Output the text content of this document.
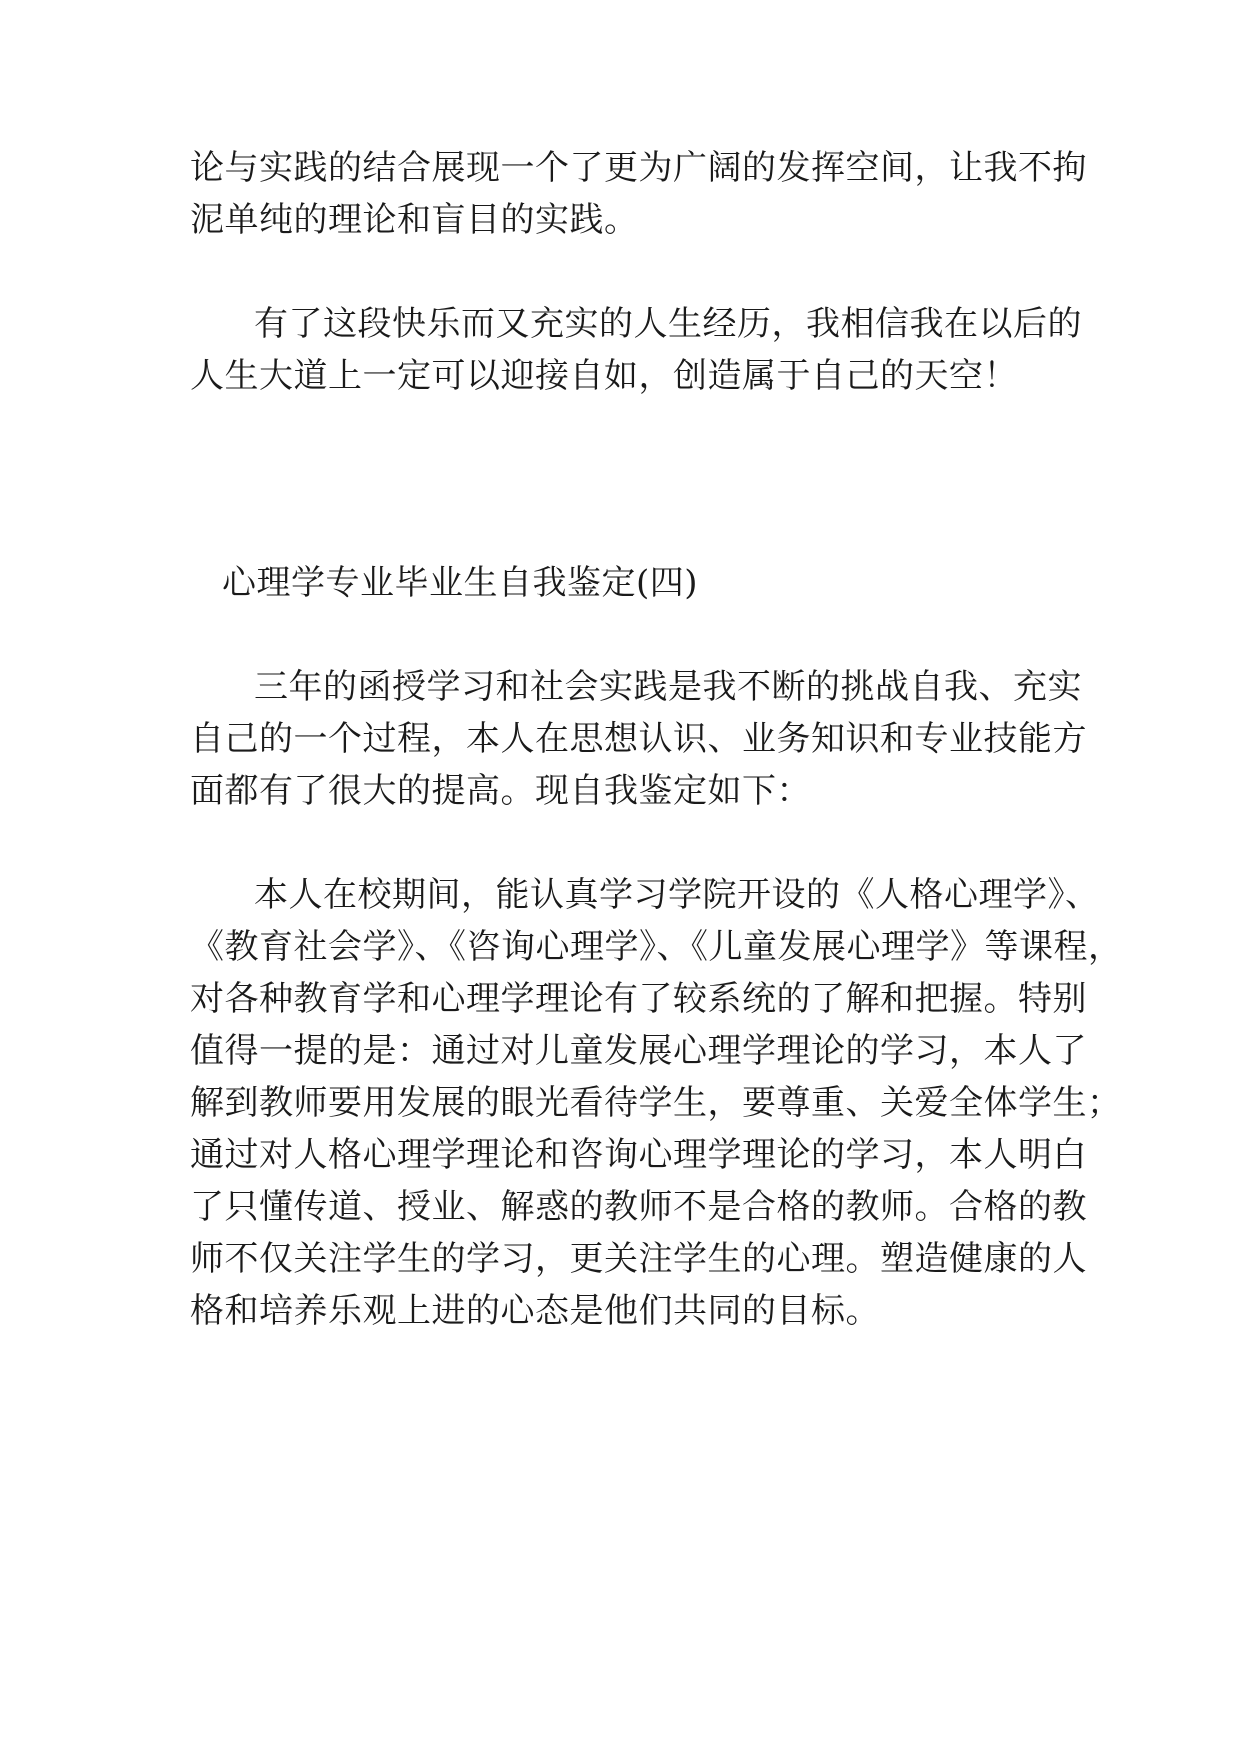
论与实践的结合展现一个了更为广阔的发挥空间，让我不拘

泥单纯的理论和盲目的实践。

有了这段快乐而又充实的人生经历，我相信我在以后的

人生大道上一定可以迎接自如，创造属于自己的天空！

心理学专业毕业生自我鉴定(四)

三年的函授学习和社会实践是我不断的挑战自我、充实

自己的一个过程，本人在思想认识、业务知识和专业技能方

面都有了很大的提高。现自我鉴定如下：

本人在校期间，能认真学习学院开设的《人格心理学》、

《教育社会学》、《咨询心理学》、《儿童发展心理学》等课程，

对各种教育学和心理学理论有了较系统的了解和把握。特别

值得一提的是：通过对儿童发展心理学理论的学习，本人了

解到教师要用发展的眼光看待学生，要尊重、关爱全体学生；

通过对人格心理学理论和咨询心理学理论的学习，本人明白

了只懂传道、授业、解惑的教师不是合格的教师。合格的教

师不仅关注学生的学习，更关注学生的心理。塑造健康的人

格和培养乐观上进的心态是他们共同的目标。
